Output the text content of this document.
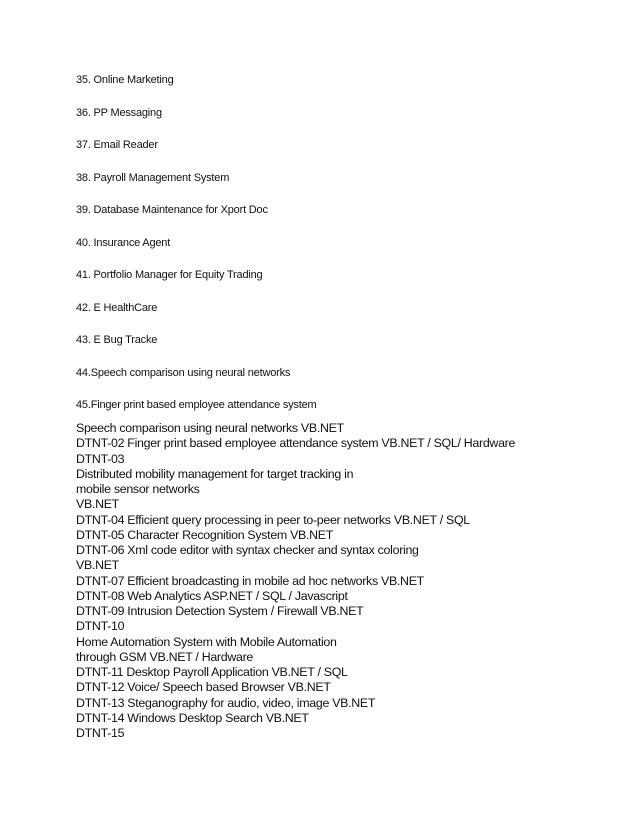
35. Online Marketing
36. PP Messaging
37. Email Reader
38. Payroll Management System
39. Database Maintenance for Xport Doc
40. Insurance Agent
41. Portfolio Manager for Equity Trading
42. E HealthCare
43. E Bug Tracke
44.Speech comparison using neural networks
45.Finger print based employee attendance system
Speech comparison using neural networks VB.NET
DTNT-02 Finger print based employee attendance system VB.NET / SQL/ Hardware
DTNT-03
Distributed mobility management for target tracking in
mobile sensor networks
VB.NET
DTNT-04 Efficient query processing in peer to-peer networks VB.NET / SQL
DTNT-05 Character Recognition System VB.NET
DTNT-06 Xml code editor with syntax checker and syntax coloring
VB.NET
DTNT-07 Efficient broadcasting in mobile ad hoc networks VB.NET
DTNT-08 Web Analytics ASP.NET / SQL / Javascript
DTNT-09 Intrusion Detection System / Firewall VB.NET
DTNT-10
Home Automation System with Mobile Automation
through GSM VB.NET / Hardware
DTNT-11 Desktop Payroll Application VB.NET / SQL
DTNT-12 Voice/ Speech based Browser VB.NET
DTNT-13 Steganography for audio, video, image VB.NET
DTNT-14 Windows Desktop Search VB.NET
DTNT-15
